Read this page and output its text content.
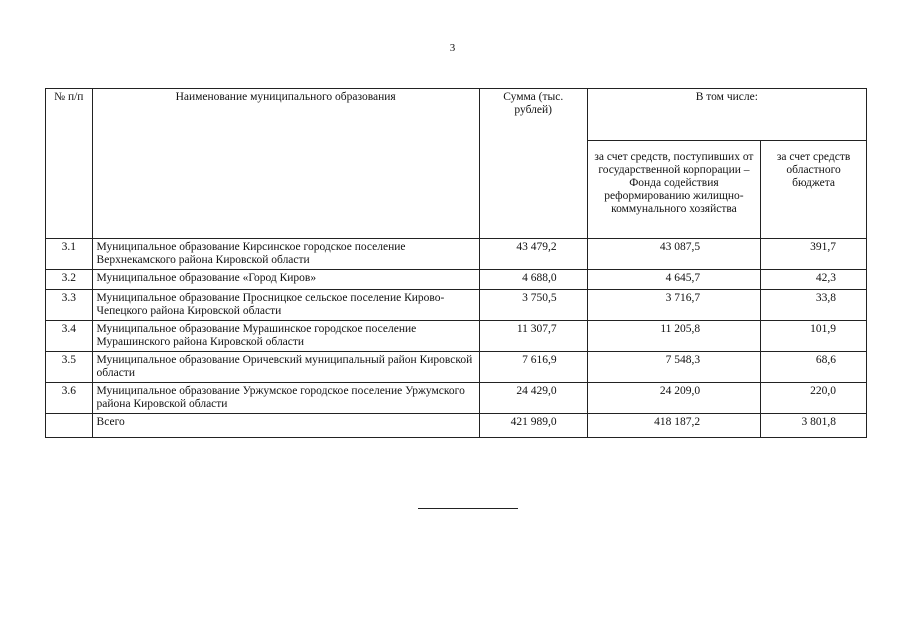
3
№ п/п	Наименование муниципального образования	Сумма (тыс. рублей)	В том числе:	
			за счет средств, поступивших от государственной корпорации – Фонда содействия реформированию жилищно-коммунального хозяйства	за счет средств областного бюджета
3.1	Муниципальное образование Кирсинское городское поселение Верхнекамского района Кировской области	43 479,2	43 087,5	391,7
3.2	Муниципальное образование «Город Киров»	4 688,0	4 645,7	42,3
3.3	Муниципальное образование Просницкое сельское поселение Кирово-Чепецкого района Кировской области	3 750,5	3 716,7	33,8
3.4	Муниципальное образование Мурашинское городское поселение Мурашинского района Кировской области	11 307,7	11 205,8	101,9
3.5	Муниципальное образование Оричевский муниципальный район Кировской области	7 616,9	7 548,3	68,6
3.6	Муниципальное образование Уржумское городское поселение Уржумского района Кировской области	24 429,0	24 209,0	220,0
	Всего	421 989,0	418 187,2	3 801,8
